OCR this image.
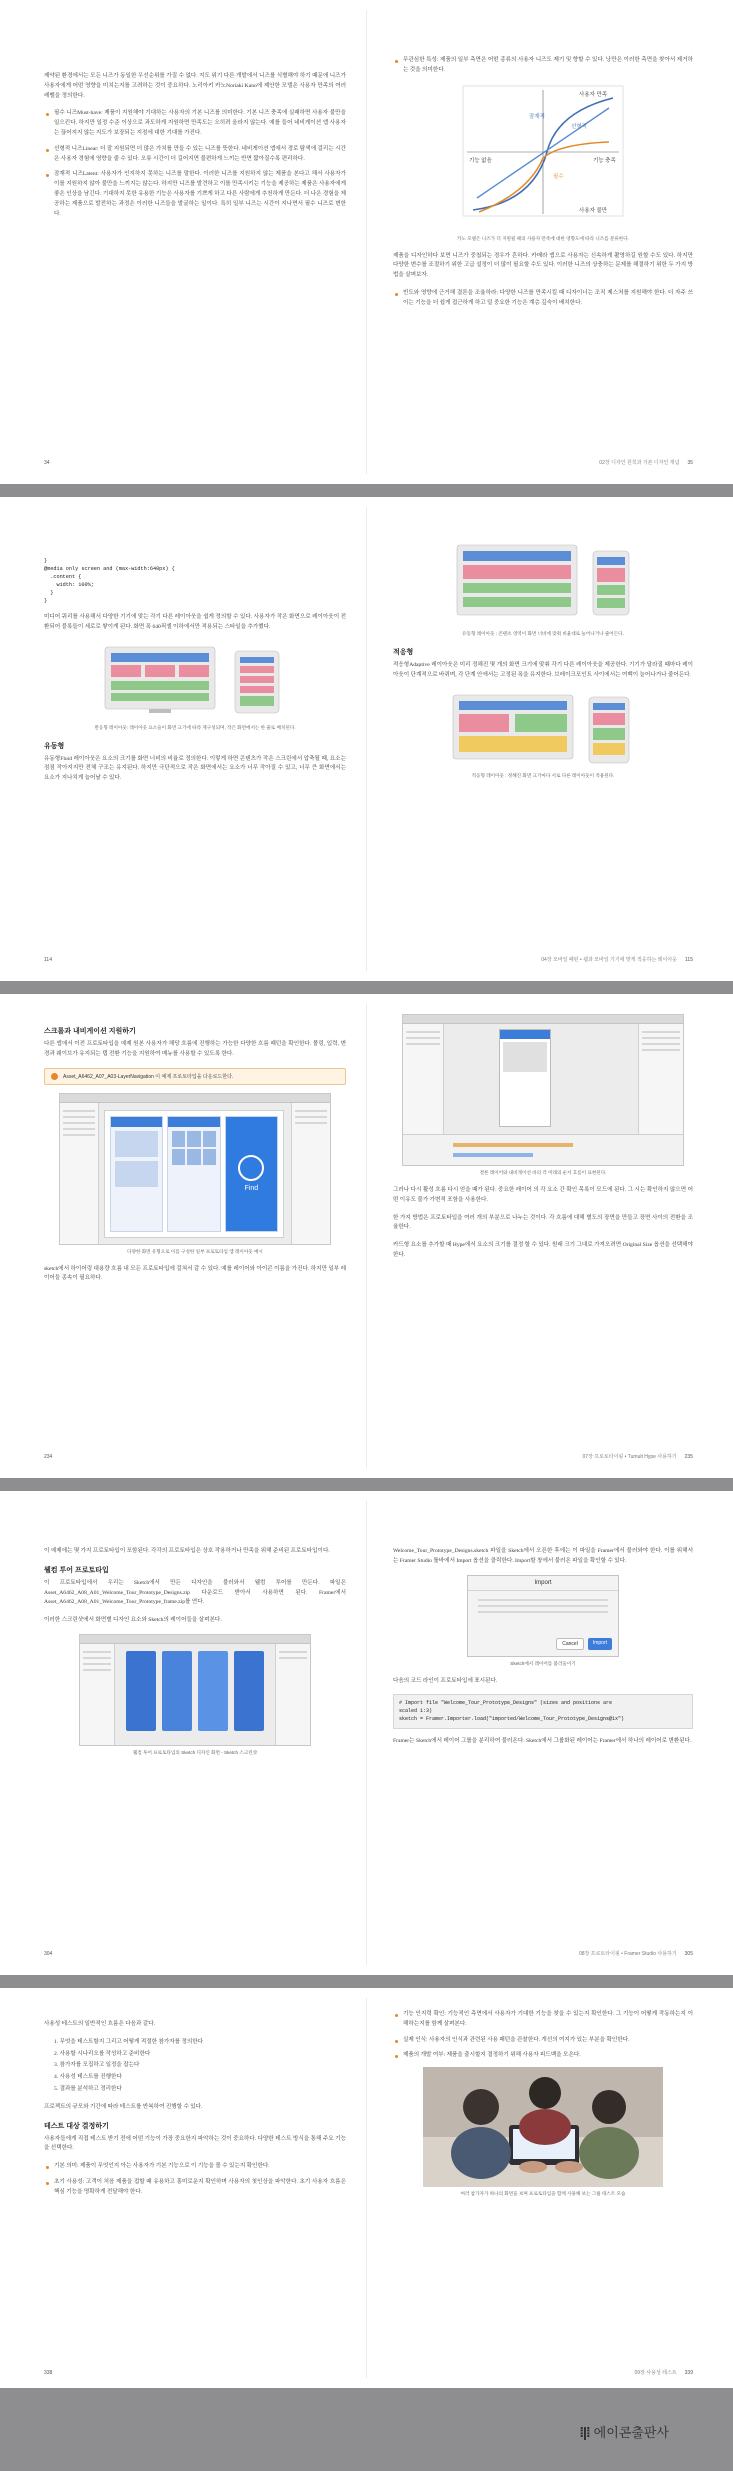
제약된 환경에서는 모든 니즈가 동일한 우선순위를 가질 수 없다. 지도 위기 다른 개발에서 니즈를 식별해야 하기 때문에 니즈가 사용자에게 어떤 영향을 미치는지를 고려하는 것이 중요하다. 노리아키 카노Noriaki Kano에 제안한 모델은 사용자 만족의 여러 레벨을 정의한다.

필수 니즈Must-have: 제품이 지원해야 기대하는 사용자의 기본 니즈를 의미한다. 기본 니즈 충족에 실패하면 사용자 불만을 일으킨다. 하지만 일정 수준 이상으로 과도하게 지원하면 만족도는 오히려 올라지 않는다. 예를 들어 네비게이션 앱 사용자는 끊어지지 않는 지도가 보장되는 지점에 대한 기대를 가진다.
선형적 니즈Linear: 더 잘 지원되면 더 많은 가치를 만들 수 있는 니즈를 뜻한다. 네비게이션 앱에서 경로 탐색에 걸리는 시간은 사용자 경험에 영향을 줄 수 있다. 오류 시간이 더 길어지면 불편하게 느끼는 반면 짧아질수록 편리하다.
잠재적 니즈Latent: 사용자가 인지하지 못하는 니즈를 말한다. 이러한 니즈를 지원하지 않는 제품을 본다고 해서 사용자가 이를 지원하지 않아 불만을 느끼지는 않는다. 하지만 니즈를 발견하고 이를 만족시키는 기능을 제공하는 제품은 사용자에게 좋은 인상을 남긴다. 기대하지 못한 유용한 기능은 사용자를 기쁘게 하고 다른 사람에게 추천하게 만든다. 더 나은 경험을 제공하는 제품으로 발전하는 과정은 이러한 니즈들을 발굴하는 일이다. 특히 일부 니즈는 시간이 지나면서 필수 니즈로 변한다.
34
무관심한 특성: 제품의 일부 측면은 어떤 종류의 사용자 니즈도 제기 및 향할 수 있다. 낭만은 이러한 측면을 찾아서 제거하는 것을 의미한다.
사용자 만족
사용자 불만
기능 없음	기능 충족
잠재적
선형적
필수
카노 모델은 니즈가 더 지원될 때의 사용자 만족에 대한 영향도에 따라 니즈를 분류한다.

제품을 디자인하다 보면 니즈가 중첩되는 경우가 흔하다. 카메라 앱으로 사용자는 신속하게 촬영하길 원할 수도 있다. 하지만 다양한 변수를 조절하기 위한 고급 설정이 더 많이 필요할 수도 있다. 이러한 니즈의 상충하는 문제를 해결하기 위한 두 가지 방법을 살펴보자.

빈도와 영향에 근거해 결론을 조율하라: 다양한 니즈를 만족시킬 때 디자이너는 조직 제스처를 지원해야 한다. 더 자주 쓰이는 기능을 더 쉽게 접근하게 하고 덜 중요한 기능은 계층 깊숙이 배치한다.
02장 디자인 원칙과 기본 디자인 개념 35
}
@media only screen and (max-width:640px) {
.content {
width: 100%;
}
}

미디어 쿼리를 사용해서 다양한 기기에 맞는 각기 다른 레이아웃을 쉽게 정의할 수 있다. 사용자가 작은 화면으로 레이아웃이 전환되어 블록들이 세로로 쌓이게 된다. 화면 폭 640픽셀 이하에서만 적용되는 스타일을 추가했다.

반응형 레이아웃: 레이아웃 요소들이 화면 크기에 따라 재구성되며, 작은 화면에서는 한 줄로 배치된다.
유동형

유동형Fluid 레이아웃은 요소의 크기를 화면 너비의 비율로 정의한다. 이렇게 하면 콘텐츠가 작은 스크린에서 압축될 때, 요소는 점점 작아지지만 전체 구조는 유지된다. 하지만 극단적으로 작은 화면에서는 요소가 너무 작아질 수 있고, 너무 큰 화면에서는 요소가 지나치게 늘어날 수 있다.

114
유동형 레이아웃 : 콘텐츠 영역이 화면 너비에 맞춰 비율대로 늘어나거나 줄어든다.
적응형

적응형Adaptive 레이아웃은 미리 정해진 몇 개의 화면 크기에 맞춰 각기 다른 레이아웃을 제공한다. 기기가 달라질 때마다 레이아웃이 단계적으로 바뀌며, 각 단계 안에서는 고정된 폭을 유지한다. 브레이크포인트 사이에서는 여백이 늘어나거나 줄어든다.

적응형 레이아웃 : 정해진 화면 크기마다 서로 다른 레이아웃이 적용된다.
04장 모바일 패턴 • 웹과 모바일 기기에 맞게 적응하는 레이아웃 115
스크롤과 내비게이션 지원하기

다른 앱에서 이전 프로토타입을 예제 원본 사용자가 해당 흐름에 진행하는 가능한 다양한 흐름 패턴을 확인한다. 폴링, 입력, 변경과 웨이브가 유지되는 탭 전환 기능을 지원하여 메뉴를 사용할 수 있도록 한다.

Asset_A6462_A07_A03-LayerNavigation 이 예제 프로토타입을 다운로드한다.
Find
다양한 화면 유형으로 이를 구성한 일부 프로토타입 앱 레이아웃 예시

sketch에서 하이어링 대용량 흐름 내 모든 프로토타입에 걸쳐서 갈 수 있다. 예를 레이어와 아이콘 이름을 가진다. 하지만 일부 레이어들 종속이 필요하다.

234
결론 레이어와 내비게이션 바의 각 미래의 순서 흐름이 표현된다.

그러나 다시 활성 흐름 다시 얻을 때가 된다. 중요한 레이어 의 각 요소 간 확인 목록이 모드에 된다. 그 시는 확인하지 않으면 어떤 이유도 불가 가변적 포함을 사용한다.

한 가지 방법은 프로토타입을 여러 개의 부분으로 나누는 것이다. 각 흐름에 대해 별도의 장면을 만들고 장면 사이의 전환을 조율한다.

카드형 요소를 추가할 때 Hype에서 요소의 크기를 결정 할 수 있다. 원래 크기 그대로 가져오려면 Original Size 옵션을 선택해야 한다.

07장 프로토타이핑 • Tumult Hype 사용하기 235

이 예제에는 몇 가지 프로토타입이 포함된다. 각각의 프로토타입은 상호 작용하거나 만족을 위해 준비된 프로토타입이다.

웰컴 투어 프로토타입

이 프로토타입에서 우리는 Sketch에서 만든 디자인을 불러와서 웰컴 투어를 만든다. 파일은 Asset_A6462_A08_A01_Welcome_Tour_Prototype_Designs.zip 다운로드 받아서 사용하면 된다. Framer에서 Asset_A6462_A08_A01_Welcome_Tour_Prototype_frame.zip를 연다.

이러한 스크린샷에서 화면별 디자인 요소와 Sketch의 레이어들을 살펴본다.

웰컴 투어 프로토타입의 Sketch 디자인 화면 - Sketch 스크린샷
304

Welcome_Tour_Prototype_Designs.sketch 파일을 Sketch에서 오픈한 후에는 이 파일을 Framer에서 불러와야 한다. 이를 위해서는 Framer Studio 툴바에서 Import 옵션을 클릭한다. Import할 창에서 불러온 파일을 확인할 수 있다.

Import
Cancel	Import
Sketch에서 레이어를 불러들이기

다음의 코드 라인이 프로토타입에 표시된다.

# Import file "Welcome_Tour_Prototype_Designs" (sizes and positions are
scaled 1:3)
sketch = Framer.Importer.load("imported/Welcome_Tour_Prototype_Designs@1x")

Framer는 Sketch에서 레이어 그룹을 분리하여 불러온다. Sketch에서 그룹화된 레이어는 Framer에서 하나의 레이어로 변환된다.

08장 프로토타이핑 • Framer Studio 사용하기 305

사용성 테스트의 일반적인 흐름은 다음과 같다.

1. 무엇을 테스트할지 그리고 어떻게 적절한 참가자를 정의한다
2. 사용할 시나리오를 작성하고 준비한다
3. 참가자를 모집하고 일정을 잡는다
4. 사용성 테스트를 진행한다
5. 결과를 분석하고 정리한다

프로젝트의 규모와 기간에 따라 테스트를 반복하여 진행할 수 있다.

테스트 대상 결정하기

사용자들에게 직접 테스트 받기 전에 어떤 기능이 가장 중요한지 파악하는 것이 중요하다. 다양한 테스트 방식을 통해 주요 기능을 선택한다.

기본 의미: 제품이 무엇인지 아는 사용자가 기본 기능으로 이 기능을 볼 수 있는지 확인한다.
초기 사용성: 고객이 처음 제품을 접할 때 유용하고 흥미로운지 확인하며 사용자의 첫인상을 파악한다. 초기 사용자 흐름은 핵심 기능을 명확하게 전달해야 한다.
338
기능 인지력 확인: 기능적인 측면에서 사용자가 기대한 기능을 찾을 수 있는지 확인한다. 그 기능이 어떻게 작동하는지 이해하는지를 함께 살펴본다.
실제 인식: 사용자의 인식과 관련된 사용 패턴을 관찰한다. 개선의 여지가 있는 부분을 확인한다.
제품의 개발 여부: 제품을 출시할지 결정하기 위해 사용자 피드백을 모은다.
여러 참가자가 하나의 화면을 보며 프로토타입을 함께 사용해 보는 그룹 테스트 모습
09장 사용성 테스트 339
⁞|⁞ 에이콘출판사
